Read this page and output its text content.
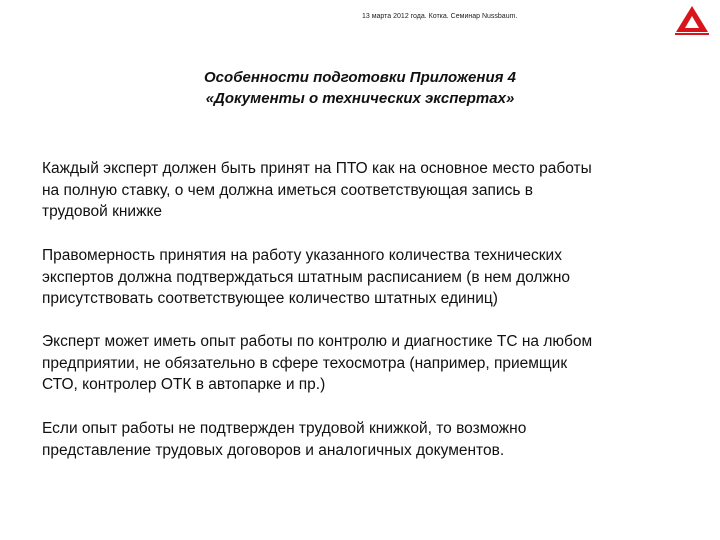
13 марта 2012 года. Котка. Семинар Nussbaum.
Особенности подготовки Приложения 4
«Документы о технических экспертах»
Каждый эксперт должен быть принят на ПТО как на основное место работы
на полную ставку, о чем должна иметься соответствующая запись в
трудовой книжке
Правомерность принятия на работу указанного количества технических
экспертов должна подтверждаться штатным расписанием (в нем должно
присутствовать соответствующее количество штатных единиц)
Эксперт может иметь опыт работы по контролю и диагностике ТС на любом
предприятии, не обязательно в сфере техосмотра (например, приемщик
СТО, контролер ОТК в автопарке и пр.)
Если опыт работы не подтвержден трудовой книжкой, то возможно
представление трудовых договоров и аналогичных документов.
